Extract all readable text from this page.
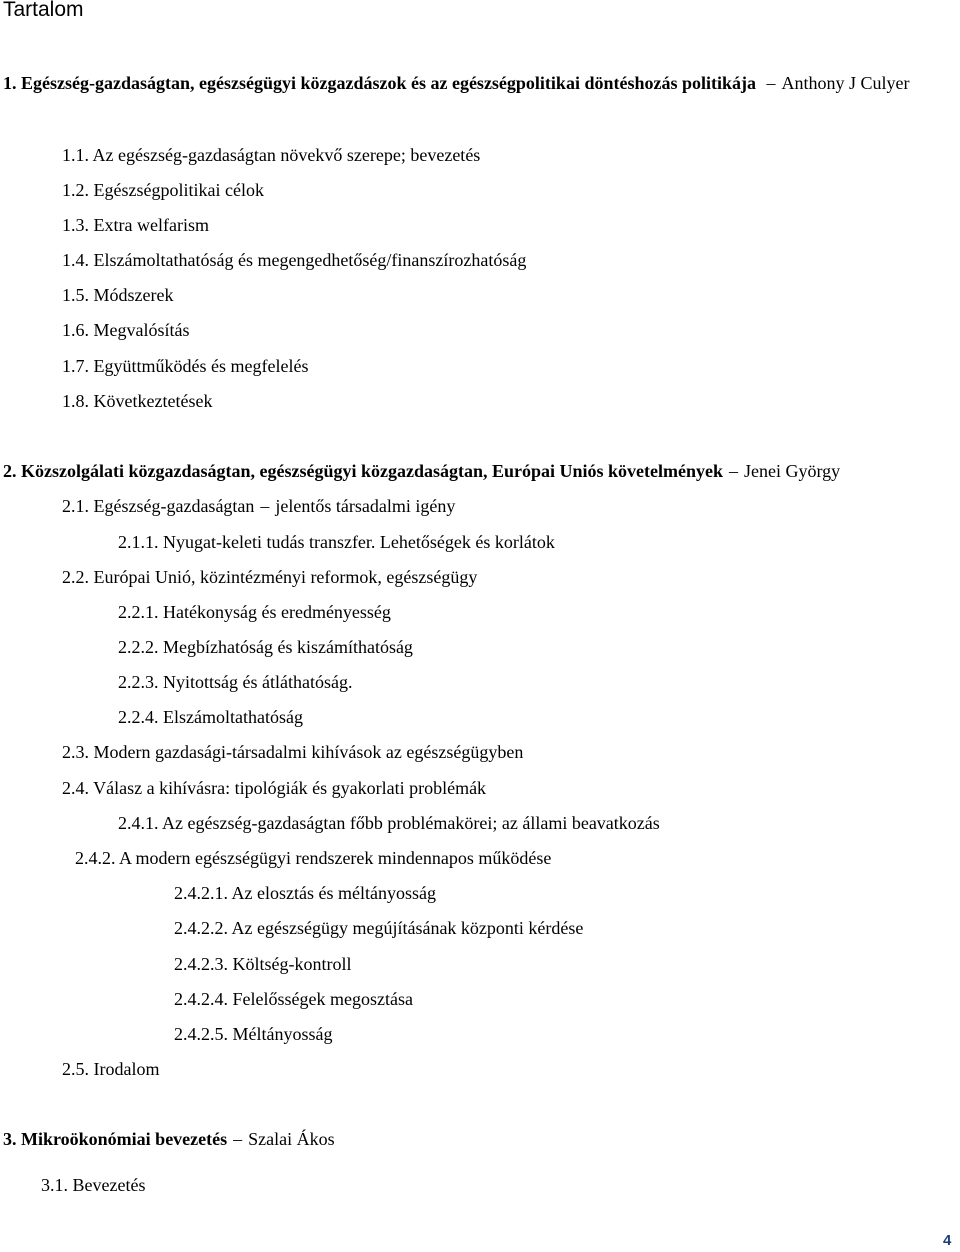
Tartalom
1. Egészség-gazdaságtan, egészségügyi közgazdászok és az egészségpolitikai döntéshozás politikája – Anthony J Culyer
1.1. Az egészség-gazdaságtan növekvő szerepe; bevezetés
1.2. Egészségpolitikai célok
1.3. Extra welfarism
1.4. Elszámoltathatóság és megengedhetőség/finanszírozhatóság
1.5. Módszerek
1.6. Megvalósítás
1.7. Együttműködés és megfelelés
1.8. Következtetések
2. Közszolgálati közgazdaságtan, egészségügyi közgazdaságtan, Európai Uniós követelmények – Jenei György
2.1. Egészség-gazdaságtan – jelentős társadalmi igény
2.1.1. Nyugat-keleti tudás transzfer. Lehetőségek és korlátok
2.2. Európai Unió, közintézményi reformok, egészségügy
2.2.1. Hatékonyság és eredményesség
2.2.2. Megbízhatóság és kiszámíthatóság
2.2.3. Nyitottság és átláthatóság.
2.2.4. Elszámoltathatóság
2.3. Modern gazdasági-társadalmi kihívások az egészségügyben
2.4. Válasz a kihívásra: tipológiák és gyakorlati problémák
2.4.1. Az egészség-gazdaságtan főbb problémakörei; az állami beavatkozás
2.4.2. A modern egészségügyi rendszerek mindennapos működése
2.4.2.1. Az elosztás és méltányosság
2.4.2.2. Az egészségügy megújításának központi kérdése
2.4.2.3. Költség-kontroll
2.4.2.4. Felelősségek megosztása
2.4.2.5. Méltányosság
2.5. Irodalom
3. Mikroökonómiai bevezetés – Szalai Ákos
3.1. Bevezetés
4
